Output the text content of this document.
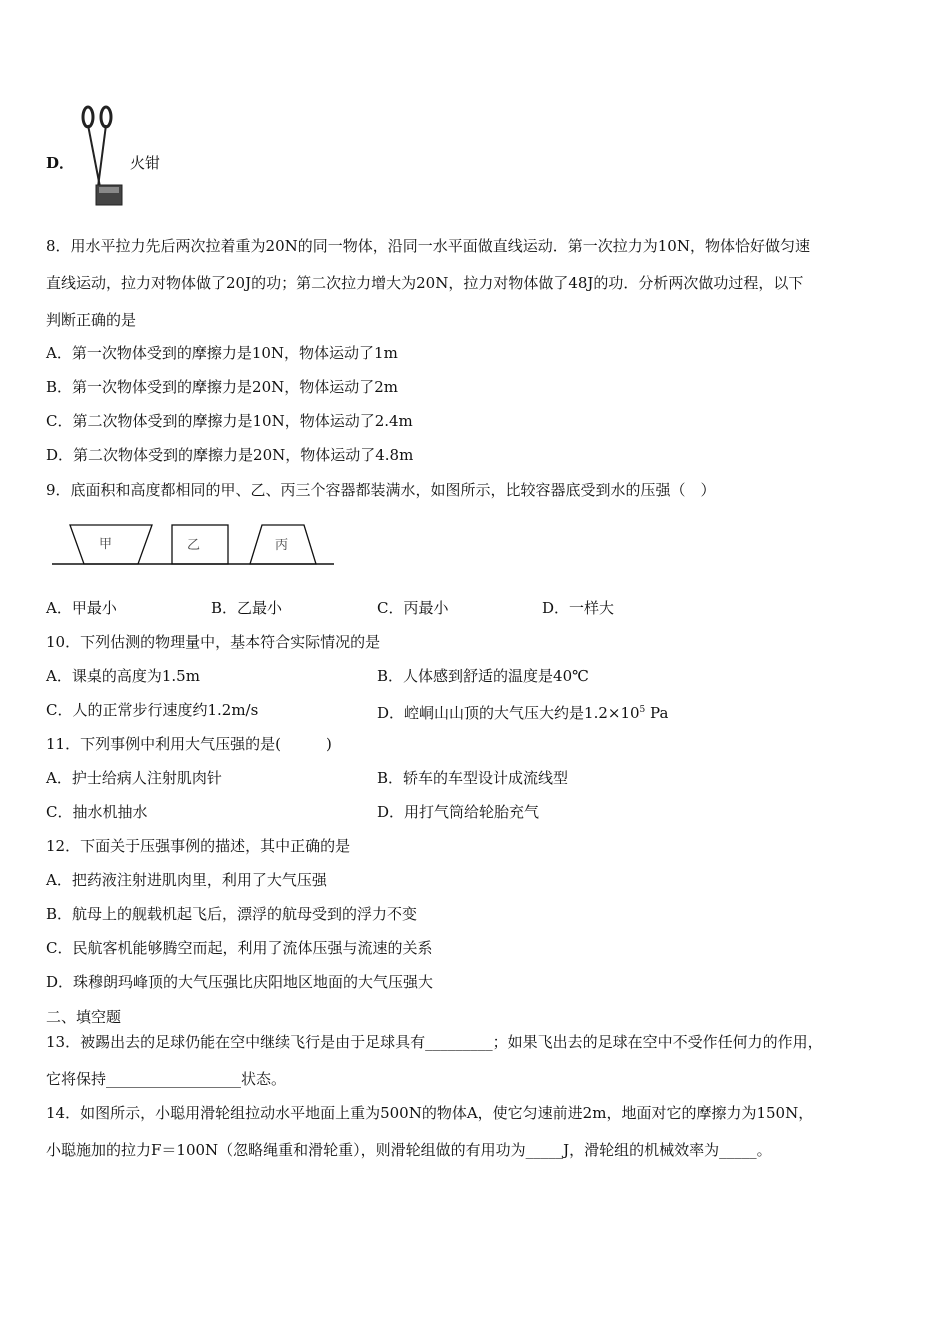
D．	火钳
8．用水平拉力先后两次拉着重为20N的同一物体，沿同一水平面做直线运动．第一次拉力为10N，物体恰好做匀速
直线运动，拉力对物体做了20J的功；第二次拉力增大为20N，拉力对物体做了48J的功．分析两次做功过程，以下
判断正确的是
A．第一次物体受到的摩擦力是10N，物体运动了1m
B．第一次物体受到的摩擦力是20N，物体运动了2m
C．第二次物体受到的摩擦力是10N，物体运动了2.4m
D．第二次物体受到的摩擦力是20N，物体运动了4.8m
9．底面积和高度都相同的甲、乙、丙三个容器都装满水，如图所示，比较容器底受到水的压强（　）
甲	乙	丙
A．甲最小	B．乙最小	C．丙最小	D．一样大
10．下列估测的物理量中，基本符合实际情况的是
A．课桌的高度为1.5m	B．人体感到舒适的温度是40℃
C．人的正常步行速度约1.2m/s	D．崆峒山山顶的大气压大约是$1.2\times 10^5$ Pa
11．下列事例中利用大气压强的是(　　　)
A．护士给病人注射肌肉针	B．轿车的车型设计成流线型
C．抽水机抽水	D．用打气筒给轮胎充气
12．下面关于压强事例的描述，其中正确的是
A．把药液注射进肌肉里，利用了大气压强
B．航母上的舰载机起飞后，漂浮的航母受到的浮力不变
C．民航客机能够腾空而起，利用了流体压强与流速的关系
D．珠穆朗玛峰顶的大气压强比庆阳地区地面的大气压强大
二、填空题
13．被踢出去的足球仍能在空中继续飞行是由于足球具有_________；如果飞出去的足球在空中不受作任何力的作用，
它将保持__________________状态。
14．如图所示，小聪用滑轮组拉动水平地面上重为500N的物体A，使它匀速前进2m，地面对它的摩擦力为150N，
小聪施加的拉力F＝100N（忽略绳重和滑轮重），则滑轮组做的有用功为_____J，滑轮组的机械效率为_____。
